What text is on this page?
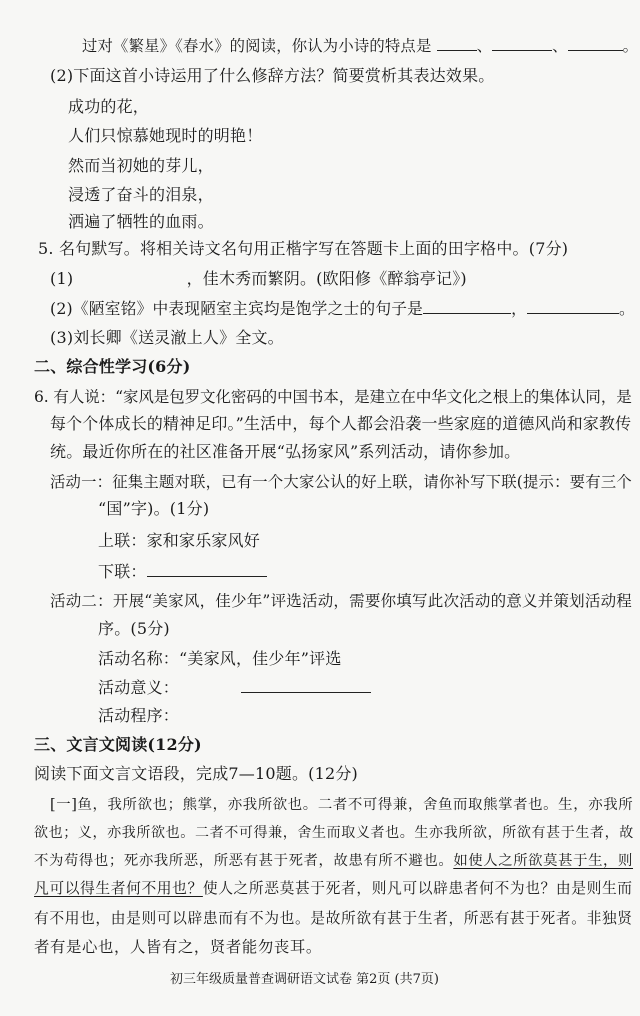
过对《繁星》《春水》的阅读，你认为小诗的特点是	、	、	。
(2)下面这首小诗运用了什么修辞方法？简要赏析其表达效果。
成功的花，
人们只惊慕她现时的明艳！
然而当初她的芽儿，
浸透了奋斗的泪泉，
洒遍了牺牲的血雨。
5. 名句默写。将相关诗文名句用正楷字写在答题卡上面的田字格中。(7分)
(1)	，佳木秀而繁阴。(欧阳修《醉翁亭记》)
(2)《陋室铭》中表现陋室主宾均是饱学之士的句子是	，	。
(3)刘长卿《送灵澈上人》全文。
二、综合性学习(6分)
6. 有人说：“家风是包罗文化密码的中国书本，是建立在中华文化之根上的集体认同，是
每个个体成长的精神足印。”生活中，每个人都会沿袭一些家庭的道德风尚和家教传
统。最近你所在的社区准备开展“弘扬家风”系列活动，请你参加。
活动一：征集主题对联，已有一个大家公认的好上联，请你补写下联(提示：要有三个
“国”字)。(1分)
上联：家和家乐家风好
下联：
活动二：开展“美家风，佳少年”评选活动，需要你填写此次活动的意义并策划活动程
序。(5分)
活动名称：“美家风，佳少年”评选
活动意义：
活动程序：
三、文言文阅读(12分)
阅读下面文言文语段，完成7—10题。(12分)
[一]鱼，我所欲也；熊掌，亦我所欲也。二者不可得兼，舍鱼而取熊掌者也。生，亦我所
欲也；义，亦我所欲也。二者不可得兼，舍生而取义者也。生亦我所欲，所欲有甚于生者，故
不为苟得也；死亦我所恶，所恶有甚于死者，故患有所不避也。如使人之所欲莫甚于生，则
凡可以得生者何不用也？使人之所恶莫甚于死者，则凡可以辟患者何不为也？由是则生而
有不用也，由是则可以辟患而有不为也。是故所欲有甚于生者，所恶有甚于死者。非独贤
者有是心也，人皆有之，贤者能勿丧耳。
初三年级质量普查调研语文试卷 第2页 (共7页)
